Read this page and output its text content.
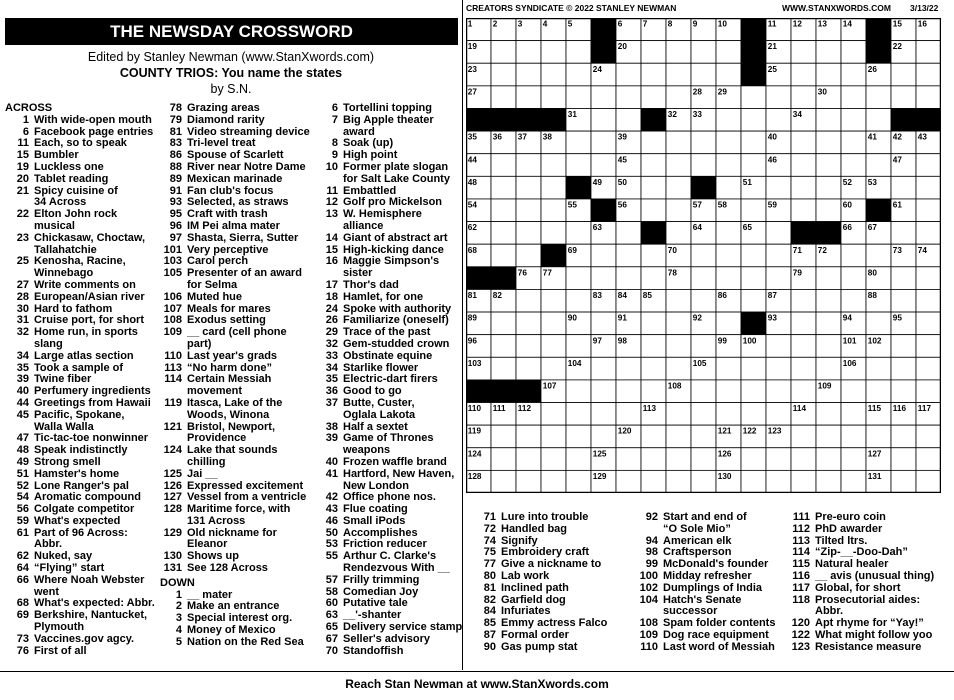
CREATORS SYNDICATE © 2022 STANLEY NEWMAN	WWW.STANXWORDS.COM 3/13/22
THE NEWSDAY CROSSWORD
Edited by Stanley Newman (www.StanXwords.com)
COUNTY TRIOS: You name the states
by S.N.
ACROSS
1 With wide-open mouth
6 Facebook page entries
11 Each, so to speak
15 Bumbler
19 Luckless one
20 Tablet reading
21 Spicy cuisine of
34 Across
22 Elton John rock
musical
23 Chickasaw, Choctaw,
Tallahatchie
25 Kenosha, Racine,
Winnebago
27 Write comments on
28 European/Asian river
30 Hard to fathom
31 Cruise port, for short
32 Home run, in sports
slang
34 Large atlas section
35 Took a sample of
39 Twine fiber
40 Perfumery ingredients
44 Greetings from Hawaii
45 Pacific, Spokane,
Walla Walla
47 Tic-tac-toe nonwinner
48 Speak indistinctly
49 Strong smell
51 Hamster's home
52 Lone Ranger's pal
54 Aromatic compound
56 Colgate competitor
59 What's expected
61 Part of 96 Across:
Abbr.
62 Nuked, say
64 “Flying” start
66 Where Noah Webster
went
68 What's expected: Abbr.
69 Berkshire, Nantucket,
Plymouth
73 Vaccines.gov agcy.
76 First of all
78 Grazing areas
79 Diamond rarity
81 Video streaming device
83 Tri-level treat
86 Spouse of Scarlett
88 River near Notre Dame
89 Mexican marinade
91 Fan club's focus
93 Selected, as straws
95 Craft with trash
96 IM Pei alma mater
97 Shasta, Sierra, Sutter
101 Very perceptive
103 Carol perch
105 Presenter of an award
for Selma
106 Muted hue
107 Meals for mares
108 Exodus setting
109 __ card (cell phone
part)
110 Last year's grads
113 “No harm done”
114 Certain Messiah
movement
119 Itasca, Lake of the
Woods, Winona
121 Bristol, Newport,
Providence
124 Lake that sounds
chilling
125 Jai __
126 Expressed excitement
127 Vessel from a ventricle
128 Maritime force, with
131 Across
129 Old nickname for
Eleanor
130 Shows up
131 See 128 Across
DOWN
1 __ mater
2 Make an entrance
3 Special interest org.
4 Money of Mexico
5 Nation on the Red Sea
6 Tortellini topping
7 Big Apple theater
award
8 Soak (up)
9 High point
10 Former plate slogan
for Salt Lake County
11 Embattled
12 Golf pro Mickelson
13 W. Hemisphere
alliance
14 Giant of abstract art
15 High-kicking dance
16 Maggie Simpson's
sister
17 Thor's dad
18 Hamlet, for one
24 Spoke with authority
26 Familiarize (oneself)
29 Trace of the past
32 Gem-studded crown
33 Obstinate equine
34 Starlike flower
35 Electric-dart firers
36 Good to go
37 Butte, Custer,
Oglala Lakota
38 Half a sextet
39 Game of Thrones
weapons
40 Frozen waffle brand
41 Hartford, New Haven,
New London
42 Office phone nos.
43 Flue coating
46 Small iPods
50 Accomplishes
53 Friction reducer
55 Arthur C. Clarke's
Rendezvous With __
57 Frilly trimming
58 Comedian Joy
60 Putative tale
63 __'-shanter
65 Delivery service stamp
67 Seller's advisory
70 Standoffish
1 2 3 4 5	6 7 8 9 10	11 12 13 14	15 16
19	20	21	22
23	24	25	26
27	28 29	30
31	32 33	34
35 36 37 38	39	40	41 42 43
44	45	46	47
48	49 50	51	52 53
54	55	56	57 58	59	60	61
62	63	64	65	66 67
68	69	70	71 72	73 74
76 77	78	79	80
81 82	83 84 85	86	87	88
89	90	91	92	93	94	95
96	97 98	99 100	101 102
103	104	105	106
107	108	109
110 111 112	113	114	115 116 117
119	120	121 122 123
124	125	126	127
128	129	130	131
71 Lure into trouble
72 Handled bag
74 Signify
75 Embroidery craft
77 Give a nickname to
80 Lab work
81 Inclined path
82 Garfield dog
84 Infuriates
85 Emmy actress Falco
87 Formal order
90 Gas pump stat
92 Start and end of
“O Sole Mio”
94 American elk
98 Craftsperson
99 McDonald's founder
100 Midday refresher
102 Dumplings of India
104 Hatch's Senate
successor
108 Spam folder contents
109 Dog race equipment
110 Last word of Messiah
111 Pre-euro coin
112 PhD awarder
113 Tilted ltrs.
114 “Zip-__-Doo-Dah”
115 Natural healer
116 __ avis (unusual thing)
117 Global, for short
118 Prosecutorial aides:
Abbr.
120 Apt rhyme for “Yay!”
122 What might follow yoo
123 Resistance measure
Reach Stan Newman at www.StanXwords.com
